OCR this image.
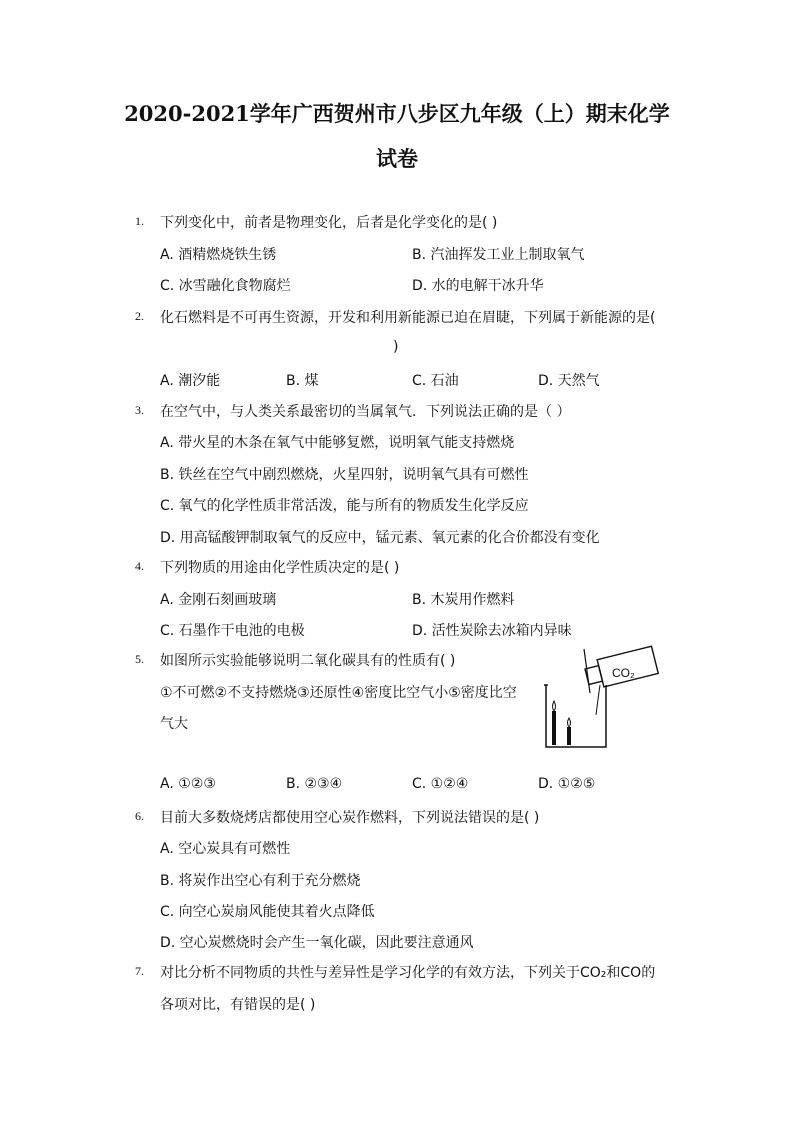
2020-2021学年广西贺州市八步区九年级（上）期末化学
试卷
1. 下列变化中，前者是物理变化，后者是化学变化的是( )
A. 酒精燃烧铁生锈	B. 汽油挥发工业上制取氧气
C. 冰雪融化食物腐烂	D. 水的电解干冰升华
2. 化石燃料是不可再生资源，开发和利用新能源已迫在眉睫，下列属于新能源的是(
)
A. 潮汐能	B. 煤	C. 石油	D. 天然气
3. 在空气中，与人类关系最密切的当属氧气．下列说法正确的是（ ）
A. 带火星的木条在氧气中能够复燃，说明氧气能支持燃烧
B. 铁丝在空气中剧烈燃烧，火星四射，说明氧气具有可燃性
C. 氧气的化学性质非常活泼，能与所有的物质发生化学反应
D. 用高锰酸钾制取氧气的反应中，锰元素、氧元素的化合价都没有变化
4. 下列物质的用途由化学性质决定的是( )
A. 金刚石刻画玻璃	B. 木炭用作燃料
C. 石墨作干电池的电极	D. 活性炭除去冰箱内异味
5. 如图所示实验能够说明二氧化碳具有的性质有( )
①不可燃②不支持燃烧③还原性④密度比空气小⑤密度比空
气大
CO₂
A. ①②③	B. ②③④	C. ①②④	D. ①②⑤
6. 目前大多数烧烤店都使用空心炭作燃料，下列说法错误的是( )
A. 空心炭具有可燃性
B. 将炭作出空心有利于充分燃烧
C. 向空心炭扇风能使其着火点降低
D. 空心炭燃烧时会产生一氧化碳，因此要注意通风
7. 对比分析不同物质的共性与差异性是学习化学的有效方法，下列关于CO₂和CO的
各项对比，有错误的是( )
